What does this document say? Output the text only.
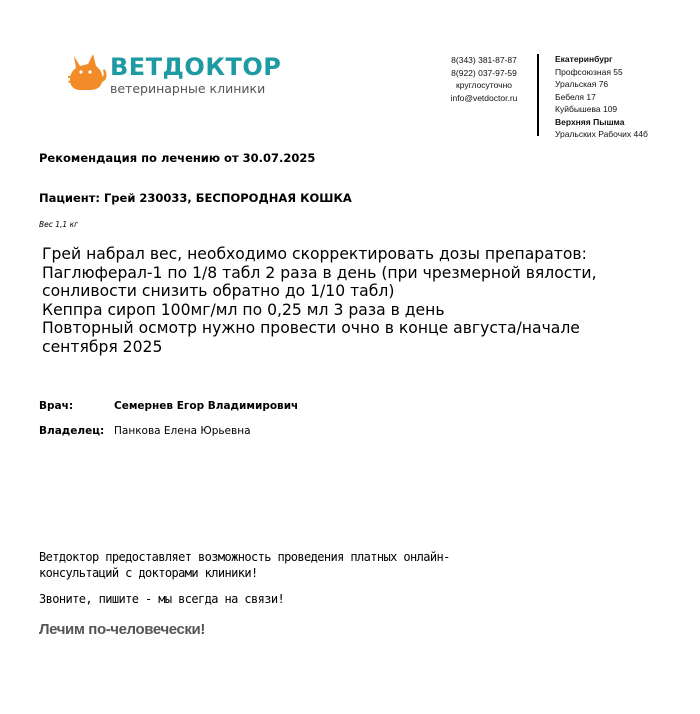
ВЕТДОКТОР
ветеринарные клиники
8(343) 381-87-87
8(922) 037-97-59
круглосуточно
info@vetdoctor.ru
Екатеринбург
Профсоюзная 55
Уральская 76
Бебеля 17
Куйбышева 109
Верхняя Пышма
Уральских Рабочих 44б
Рекомендация по лечению от 30.07.2025
Пациент: Грей 230033, БЕСПОРОДНАЯ КОШКА
Вес 1,1 кг
Грей набрал вес, необходимо скорректировать дозы препаратов:
Паглюферал-1 по 1/8 табл 2 раза в день (при чрезмерной вялости,
сонливости снизить обратно до 1/10 табл)
Кеппра сироп 100мг/мл по 0,25 мл 3 раза в день
Повторный осмотр нужно провести очно в конце августа/начале
сентября 2025
Врач:	Семернев Егор Владимирович
Владелец: Панкова Елена Юрьевна
Ветдоктор предоставляет возможность проведения платных онлайн-
консультаций с докторами клиники!
Звоните, пишите - мы всегда на связи!
Лечим по-человечески!
